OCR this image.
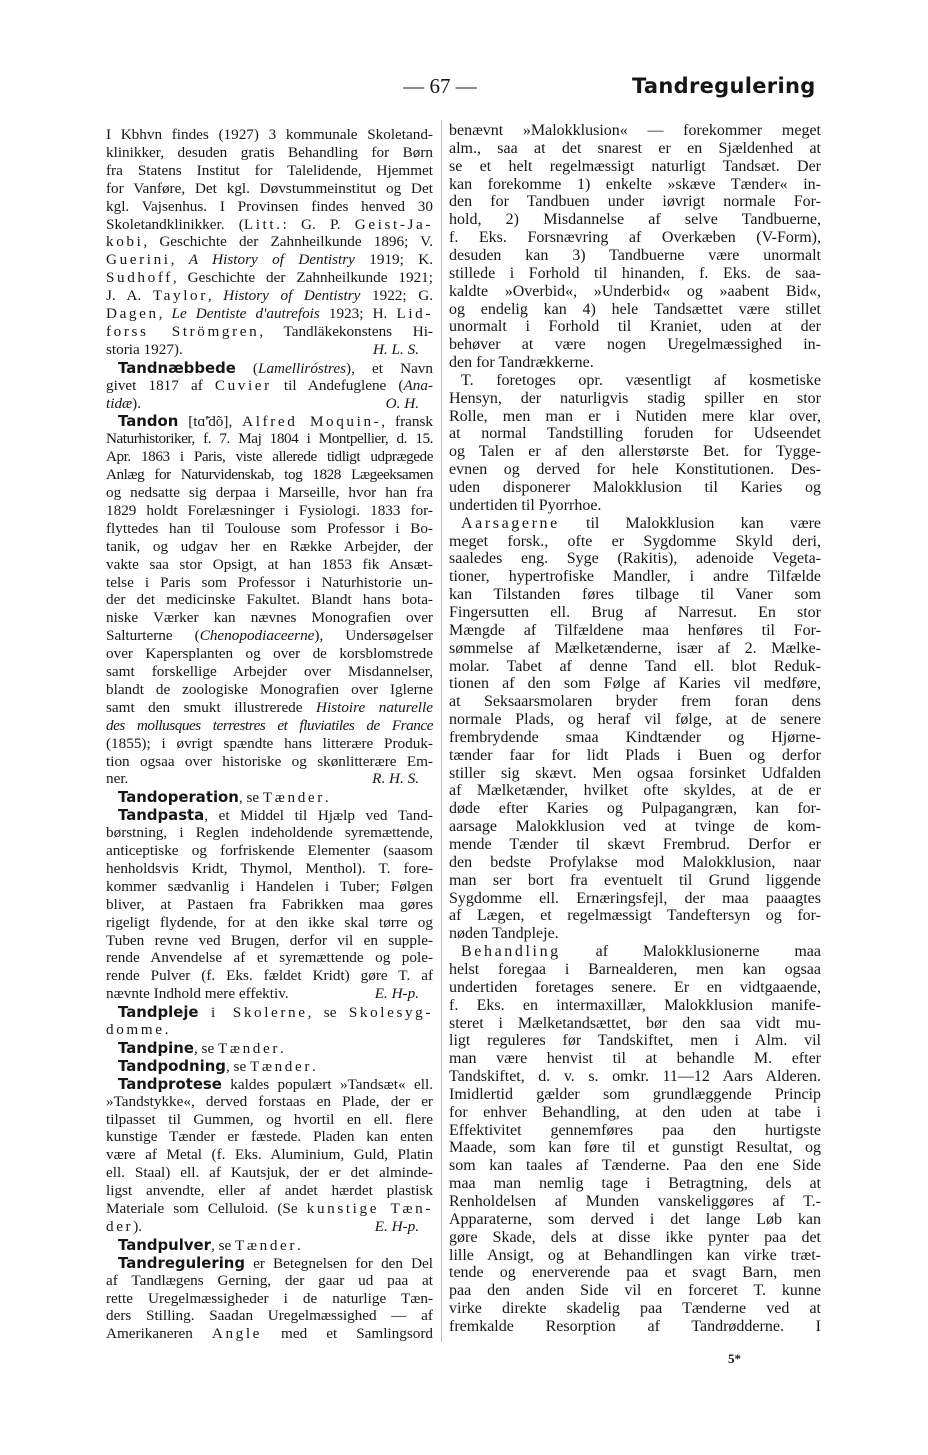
— 67 —	Tandregulering
I Kbhvn findes (1927) 3 kommunale Skoletand-
klinikker, desuden gratis Behandling for Børn
fra Statens Institut for Talelidende, Hjemmet
for Vanføre, Det kgl. Døvstummeinstitut og Det
kgl. Vajsenhus. I Provinsen findes henved 30
Skoletandklinikker. (Litt.: G. P. Geist-Ja-
kobi, Geschichte der Zahnheilkunde 1896; V.
Guerini, A History of Dentistry 1919; K.
Sudhoff, Geschichte der Zahnheilkunde 1921;
J. A. Taylor, History of Dentistry 1922; G.
Dagen, Le Dentiste d'autrefois 1923; H. Lid-
forss Strömgren, Tandläkekonstens Hi-
storia 1927).	H. L. S.
Tandnæbbede (Lamelliróstres), et Navn
givet 1817 af Cuvier til Andefuglene (Ana-
tidæ).	O. H.
Tandon [tɑ̃'dõ], Alfred Moquin-, fransk
Naturhistoriker, f. 7. Maj 1804 i Montpellier, d. 15.
Apr. 1863 i Paris, viste allerede tidligt udprægede
Anlæg for Naturvidenskab, tog 1828 Lægeeksamen
og nedsatte sig derpaa i Marseille, hvor han fra
1829 holdt Forelæsninger i Fysiologi. 1833 for-
flyttedes han til Toulouse som Professor i Bo-
tanik, og udgav her en Række Arbejder, der
vakte saa stor Opsigt, at han 1853 fik Ansæt-
telse i Paris som Professor i Naturhistorie un-
der det medicinske Fakultet. Blandt hans bota-
niske Værker kan nævnes Monografien over
Salturterne (Chenopodiaceerne), Undersøgelser
over Kapersplanten og over de korsblomstrede
samt forskellige Arbejder over Misdannelser,
blandt de zoologiske Monografien over Iglerne
samt den smukt illustrerede Histoire naturelle
des mollusques terrestres et fluviatiles de France
(1855); i øvrigt spændte hans litterære Produk-
tion ogsaa over historiske og skønlitterære Em-
ner.	R. H. S.
Tandoperation, se Tænder.
Tandpasta, et Middel til Hjælp ved Tand-
børstning, i Reglen indeholdende syremættende,
anticeptiske og forfriskende Elementer (saasom
henholdsvis Kridt, Thymol, Menthol). T. fore-
kommer sædvanlig i Handelen i Tuber; Følgen
bliver, at Pastaen fra Fabrikken maa gøres
rigeligt flydende, for at den ikke skal tørre og
Tuben revne ved Brugen, derfor vil en supple-
rende Anvendelse af et syremættende og pole-
rende Pulver (f. Eks. fældet Kridt) gøre T. af
nævnte Indhold mere effektiv.	E. H-p.
Tandpleje i Skolerne, se Skolesyg-
domme.
Tandpine, se Tænder.
Tandpodning, se Tænder.
Tandprotese kaldes populært »Tandsæt« ell.
»Tandstykke«, derved forstaas en Plade, der er
tilpasset til Gummen, og hvortil en ell. flere
kunstige Tænder er fæstede. Pladen kan enten
være af Metal (f. Eks. Aluminium, Guld, Platin
ell. Staal) ell. af Kautsjuk, der er det alminde-
ligst anvendte, eller af andet hærdet plastisk
Materiale som Celluloid. (Se kunstige Tæn-
der).	E. H-p.
Tandpulver, se Tænder.
Tandregulering er Betegnelsen for den Del
af Tandlægens Gerning, der gaar ud paa at
rette Uregelmæssigheder i de naturlige Tæn-
ders Stilling. Saadan Uregelmæssighed — af
Amerikaneren Angle med et Samlingsord
benævnt »Malokklusion« — forekommer meget
alm., saa at det snarest er en Sjældenhed at
se et helt regelmæssigt naturligt Tandsæt. Der
kan forekomme 1) enkelte »skæve Tænder« in-
den for Tandbuen under iøvrigt normale For-
hold, 2) Misdannelse af selve Tandbuerne,
f. Eks. Forsnævring af Overkæben (V-Form),
desuden kan 3) Tandbuerne være unormalt
stillede i Forhold til hinanden, f. Eks. de saa-
kaldte »Overbid«, »Underbid« og »aabent Bid«,
og endelig kan 4) hele Tandsættet være stillet
unormalt i Forhold til Kraniet, uden at der
behøver at være nogen Uregelmæssighed in-
den for Tandrækkerne.
T. foretoges opr. væsentligt af kosmetiske
Hensyn, der naturligvis stadig spiller en stor
Rolle, men man er i Nutiden mere klar over,
at normal Tandstilling foruden for Udseendet
og Talen er af den allerstørste Bet. for Tygge-
evnen og derved for hele Konstitutionen. Des-
uden disponerer Malokklusion til Karies og
undertiden til Pyorrhoe.
Aarsagerne til Malokklusion kan være
meget forsk., ofte er Sygdomme Skyld deri,
saaledes eng. Syge (Rakitis), adenoide Vegeta-
tioner, hypertrofiske Mandler, i andre Tilfælde
kan Tilstanden føres tilbage til Vaner som
Fingersutten ell. Brug af Narresut. En stor
Mængde af Tilfældene maa henføres til For-
sømmelse af Mælketænderne, især af 2. Mælke-
molar. Tabet af denne Tand ell. blot Reduk-
tionen af den som Følge af Karies vil medføre,
at Seksaarsmolaren bryder frem foran dens
normale Plads, og heraf vil følge, at de senere
frembrydende smaa Kindtænder og Hjørne-
tænder faar for lidt Plads i Buen og derfor
stiller sig skævt. Men ogsaa forsinket Udfalden
af Mælketænder, hvilket ofte skyldes, at de er
døde efter Karies og Pulpagangræn, kan for-
aarsage Malokklusion ved at tvinge de kom-
mende Tænder til skævt Frembrud. Derfor er
den bedste Profylakse mod Malokklusion, naar
man ser bort fra eventuelt til Grund liggende
Sygdomme ell. Ernæringsfejl, der maa paaagtes
af Lægen, et regelmæssigt Tandeftersyn og for-
nøden Tandpleje.
Behandling af Malokklusionerne maa
helst foregaa i Barnealderen, men kan ogsaa
undertiden foretages senere. Er en vidtgaaende,
f. Eks. en intermaxillær, Malokklusion manife-
steret i Mælketandsættet, bør den saa vidt mu-
ligt reguleres før Tandskiftet, men i Alm. vil
man være henvist til at behandle M. efter
Tandskiftet, d. v. s. omkr. 11—12 Aars Alderen.
Imidlertid gælder som grundlæggende Princip
for enhver Behandling, at den uden at tabe i
Effektivitet gennemføres paa den hurtigste
Maade, som kan føre til et gunstigt Resultat, og
som kan taales af Tænderne. Paa den ene Side
maa man nemlig tage i Betragtning, dels at
Renholdelsen af Munden vanskeliggøres af T.-
Apparaterne, som derved i det lange Løb kan
gøre Skade, dels at disse ikke pynter paa det
lille Ansigt, og at Behandlingen kan virke træt-
tende og enerverende paa et svagt Barn, men
paa den anden Side vil en forceret T. kunne
virke direkte skadelig paa Tænderne ved at
fremkalde Resorption af Tandrødderne. I
5*
